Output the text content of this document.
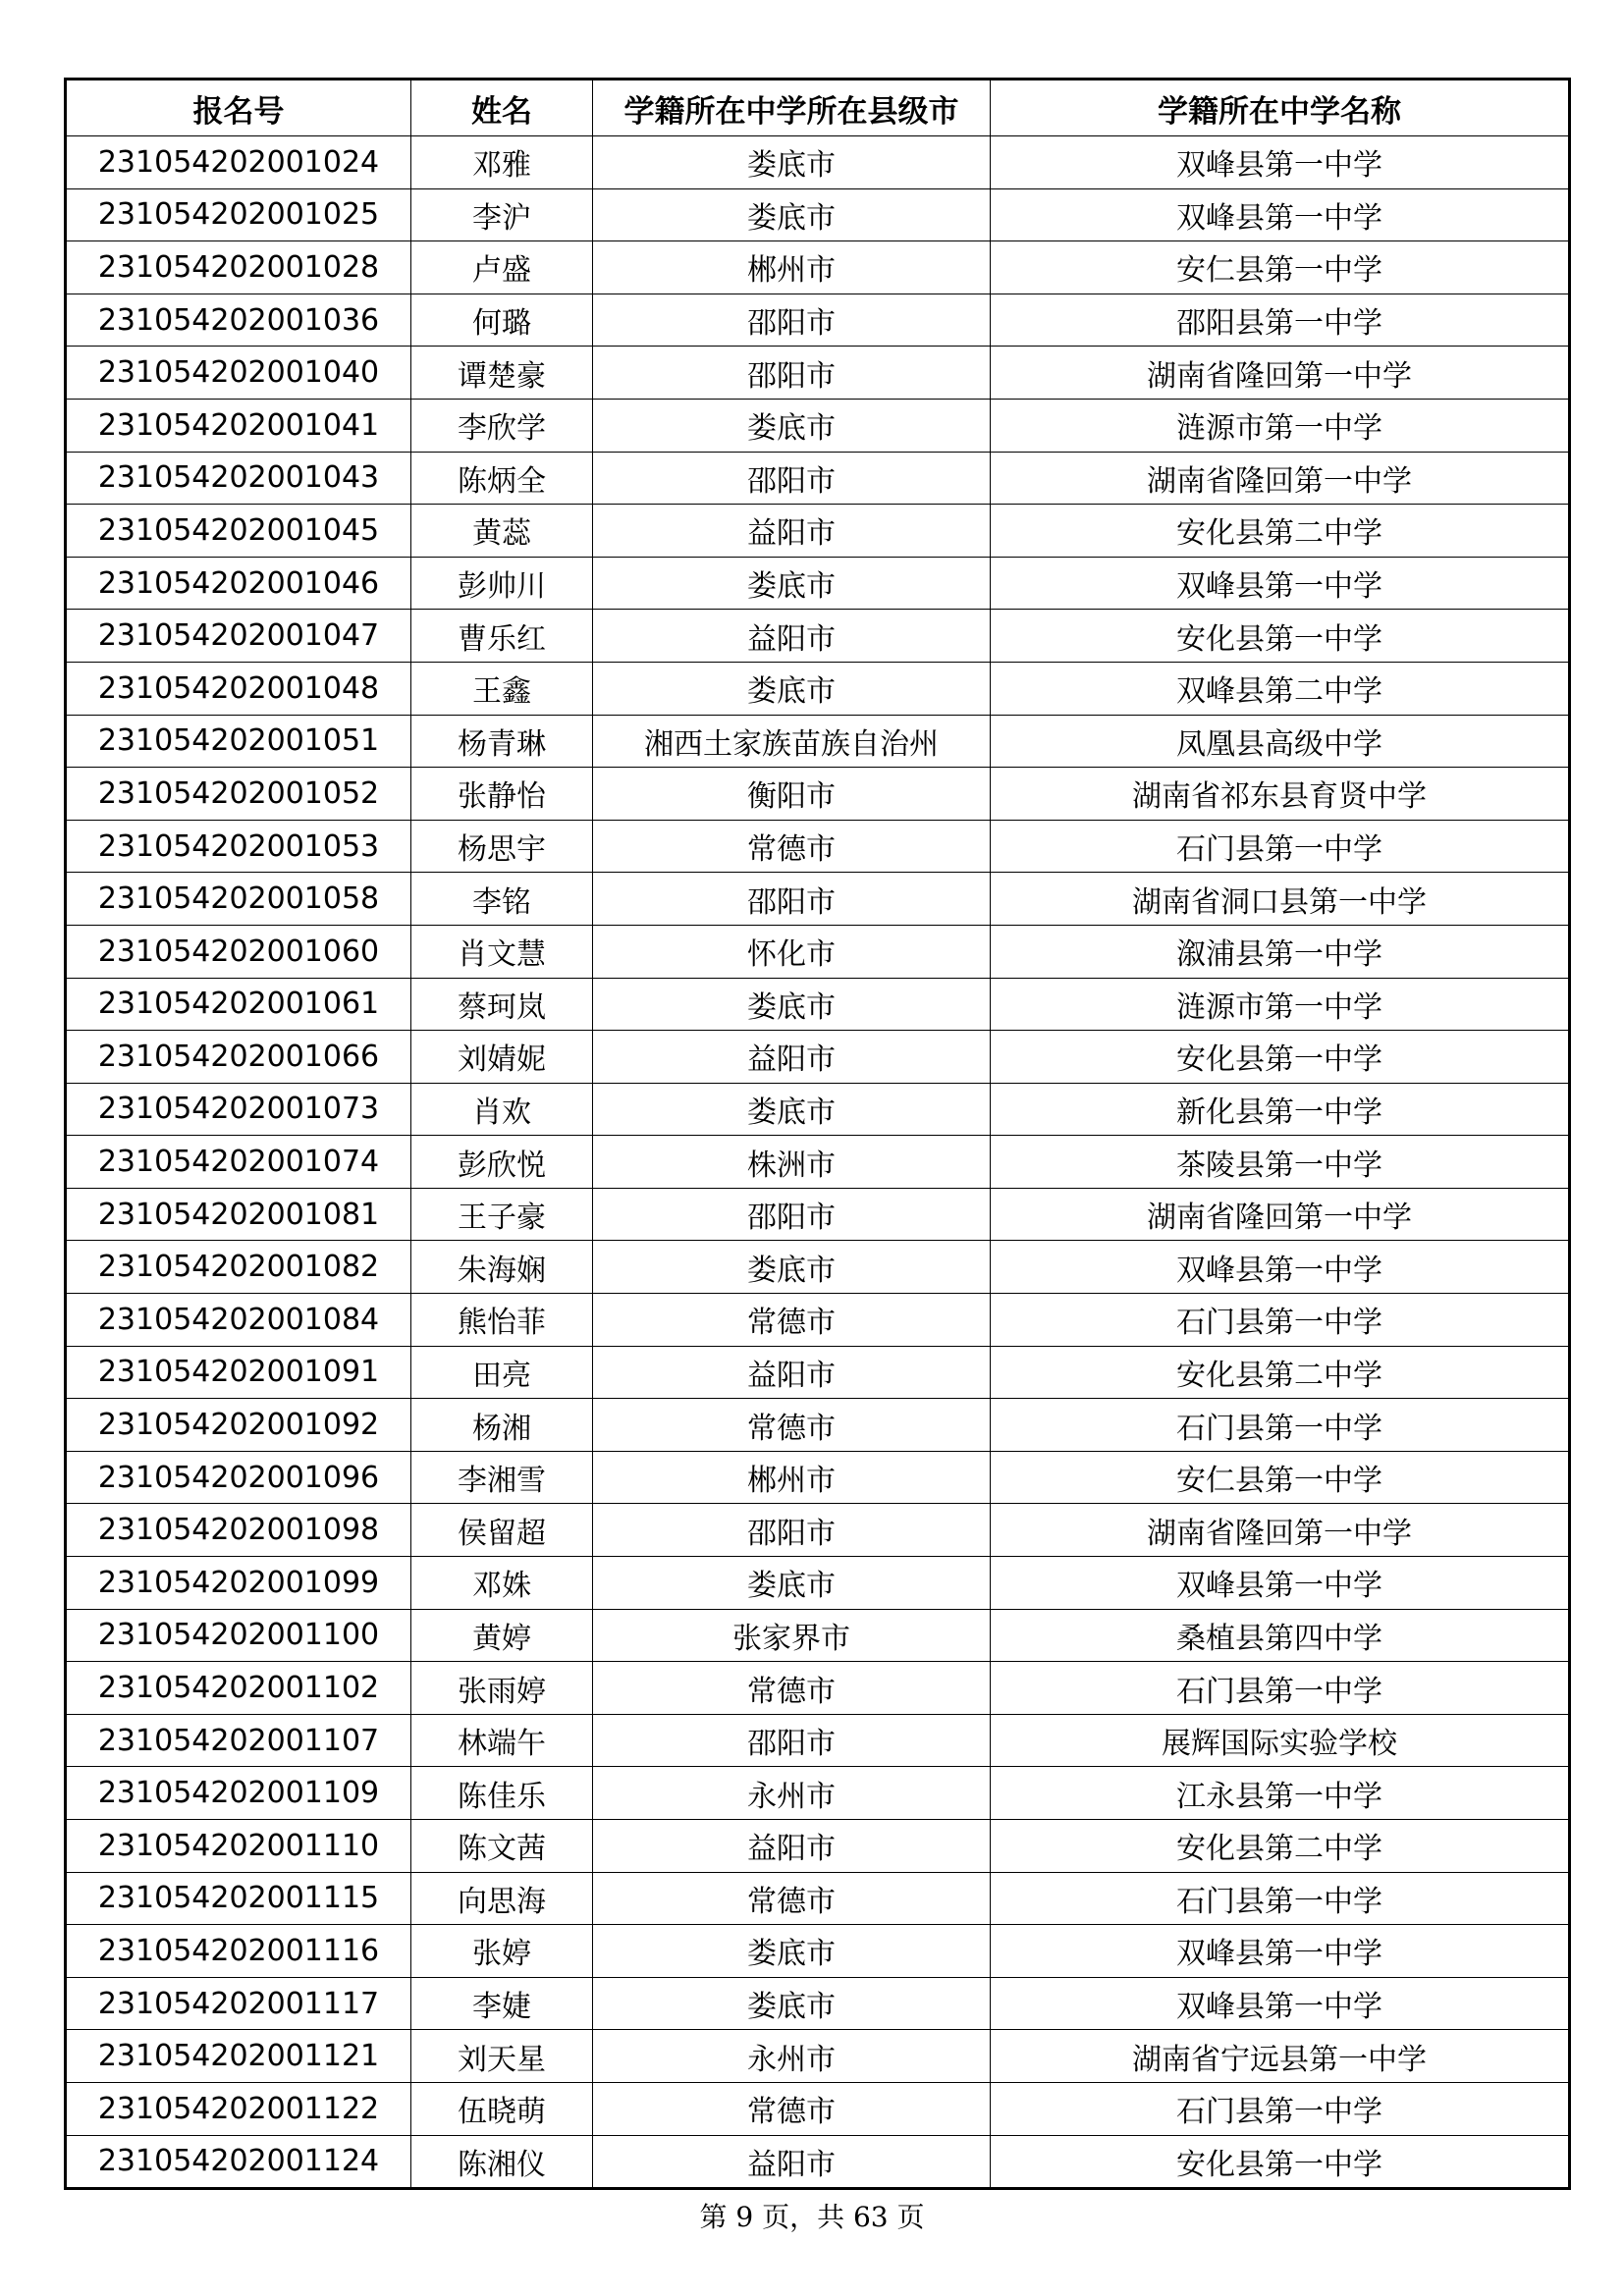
报名号	姓名	学籍所在中学所在县级市	学籍所在中学名称
231054202001024	邓雅	娄底市	双峰县第一中学
231054202001025	李沪	娄底市	双峰县第一中学
231054202001028	卢盛	郴州市	安仁县第一中学
231054202001036	何璐	邵阳市	邵阳县第一中学
231054202001040	谭楚豪	邵阳市	湖南省隆回第一中学
231054202001041	李欣学	娄底市	涟源市第一中学
231054202001043	陈炳全	邵阳市	湖南省隆回第一中学
231054202001045	黄蕊	益阳市	安化县第二中学
231054202001046	彭帅川	娄底市	双峰县第一中学
231054202001047	曹乐红	益阳市	安化县第一中学
231054202001048	王鑫	娄底市	双峰县第二中学
231054202001051	杨青琳	湘西土家族苗族自治州	凤凰县高级中学
231054202001052	张静怡	衡阳市	湖南省祁东县育贤中学
231054202001053	杨思宇	常德市	石门县第一中学
231054202001058	李铭	邵阳市	湖南省洞口县第一中学
231054202001060	肖文慧	怀化市	溆浦县第一中学
231054202001061	蔡珂岚	娄底市	涟源市第一中学
231054202001066	刘婧妮	益阳市	安化县第一中学
231054202001073	肖欢	娄底市	新化县第一中学
231054202001074	彭欣悦	株洲市	茶陵县第一中学
231054202001081	王子豪	邵阳市	湖南省隆回第一中学
231054202001082	朱海娴	娄底市	双峰县第一中学
231054202001084	熊怡菲	常德市	石门县第一中学
231054202001091	田亮	益阳市	安化县第二中学
231054202001092	杨湘	常德市	石门县第一中学
231054202001096	李湘雪	郴州市	安仁县第一中学
231054202001098	侯留超	邵阳市	湖南省隆回第一中学
231054202001099	邓姝	娄底市	双峰县第一中学
231054202001100	黄婷	张家界市	桑植县第四中学
231054202001102	张雨婷	常德市	石门县第一中学
231054202001107	林端午	邵阳市	展辉国际实验学校
231054202001109	陈佳乐	永州市	江永县第一中学
231054202001110	陈文茜	益阳市	安化县第二中学
231054202001115	向思海	常德市	石门县第一中学
231054202001116	张婷	娄底市	双峰县第一中学
231054202001117	李婕	娄底市	双峰县第一中学
231054202001121	刘天星	永州市	湖南省宁远县第一中学
231054202001122	伍晓萌	常德市	石门县第一中学
231054202001124	陈湘仪	益阳市	安化县第一中学
第 9 页，共 63 页
